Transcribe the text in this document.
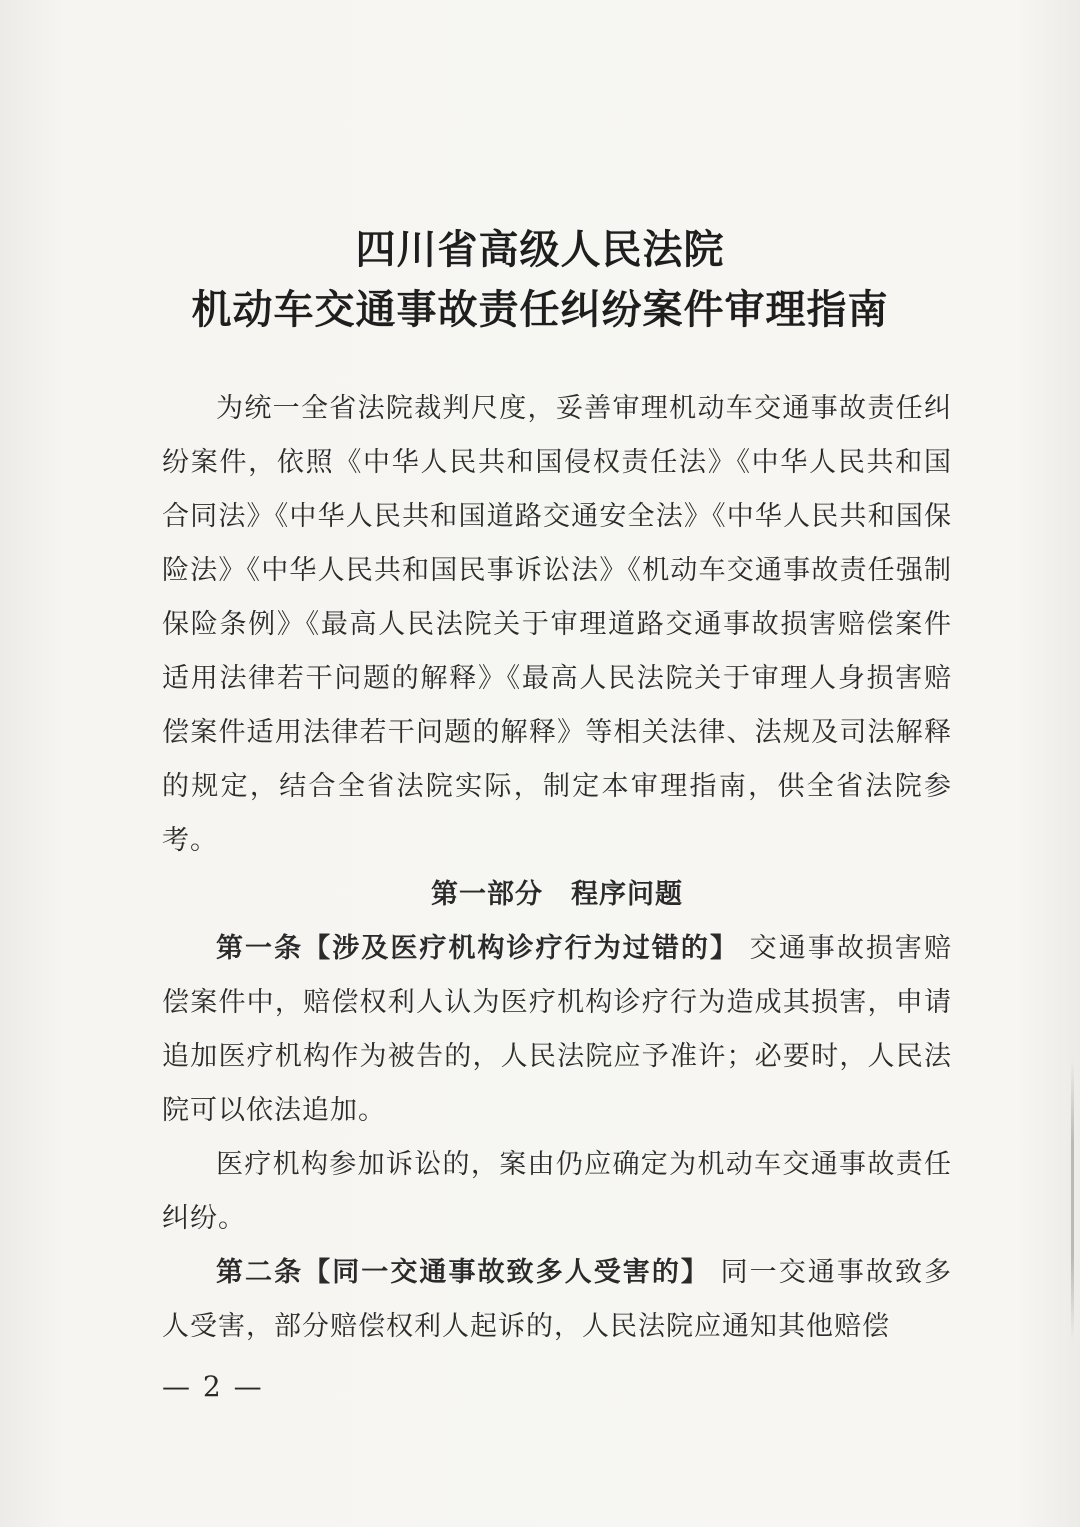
四川省高级人民法院
机动车交通事故责任纠纷案件审理指南

为统一全省法院裁判尺度，妥善审理机动车交通事故责任纠纷案件，依照《中华人民共和国侵权责任法》《中华人民共和国合同法》《中华人民共和国道路交通安全法》《中华人民共和国保险法》《中华人民共和国民事诉讼法》《机动车交通事故责任强制保险条例》《最高人民法院关于审理道路交通事故损害赔偿案件适用法律若干问题的解释》《最高人民法院关于审理人身损害赔偿案件适用法律若干问题的解释》等相关法律、法规及司法解释的规定，结合全省法院实际，制定本审理指南，供全省法院参考。

第一部分　程序问题

第一条【涉及医疗机构诊疗行为过错的】 交通事故损害赔偿案件中，赔偿权利人认为医疗机构诊疗行为造成其损害，申请追加医疗机构作为被告的，人民法院应予准许；必要时，人民法院可以依法追加。

医疗机构参加诉讼的，案由仍应确定为机动车交通事故责任纠纷。

第二条【同一交通事故致多人受害的】 同一交通事故致多人受害，部分赔偿权利人起诉的，人民法院应通知其他赔偿

— 2 —
